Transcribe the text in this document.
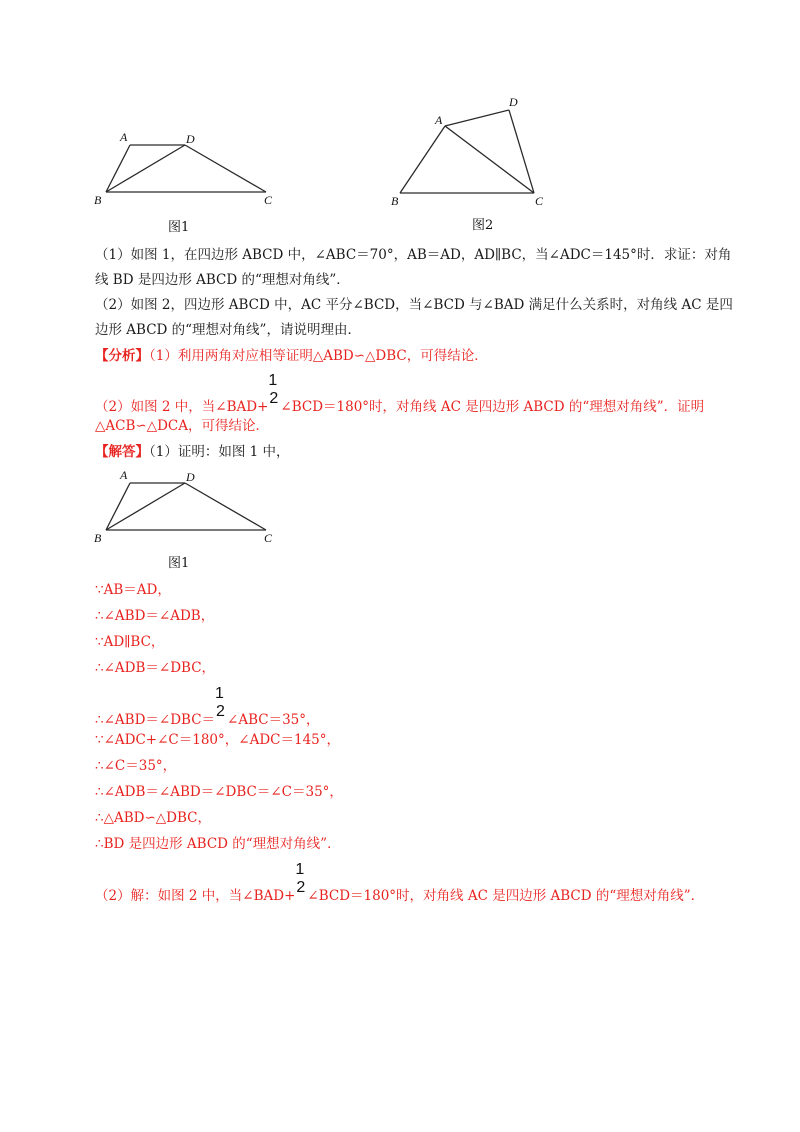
A	D
B	C
图1
A
D
B	C
图2
（1）如图 1，在四边形 ABCD 中，∠ABC＝70°，AB＝AD，AD∥BC，当∠ADC＝145°时．求证：对角
线 BD 是四边形 ABCD 的“理想对角线”．
（2）如图 2，四边形 ABCD 中，AC 平分∠BCD，当∠BCD 与∠BAD 满足什么关系时，对角线 AC 是四
边形 ABCD 的“理想对角线”，请说明理由．
【分析】（1）利用两角对应相等证明△ABD∽△DBC，可得结论．
（2）如图 2 中，当∠BAD+
1
2 ∠BCD＝180°时，对角线 AC 是四边形 ABCD 的“理想对角线”．证明
△ACB∽△DCA，可得结论．
【解答】（1）证明：如图 1 中，
A	D
B	C
图1
∵AB＝AD，
∴∠ABD＝∠ADB，
∵AD∥BC，
∴∠ADB＝∠DBC，
∴∠ABD＝∠DBC＝
1
2 ∠ABC＝35°，
∵∠ADC+∠C＝180°，∠ADC＝145°，
∴∠C＝35°，
∴∠ADB＝∠ABD＝∠DBC＝∠C＝35°，
∴△ABD∽△DBC，
∴BD 是四边形 ABCD 的“理想对角线”．
（2）解：如图 2 中，当∠BAD+
1
2 ∠BCD＝180°时，对角线 AC 是四边形 ABCD 的“理想对角线”．
